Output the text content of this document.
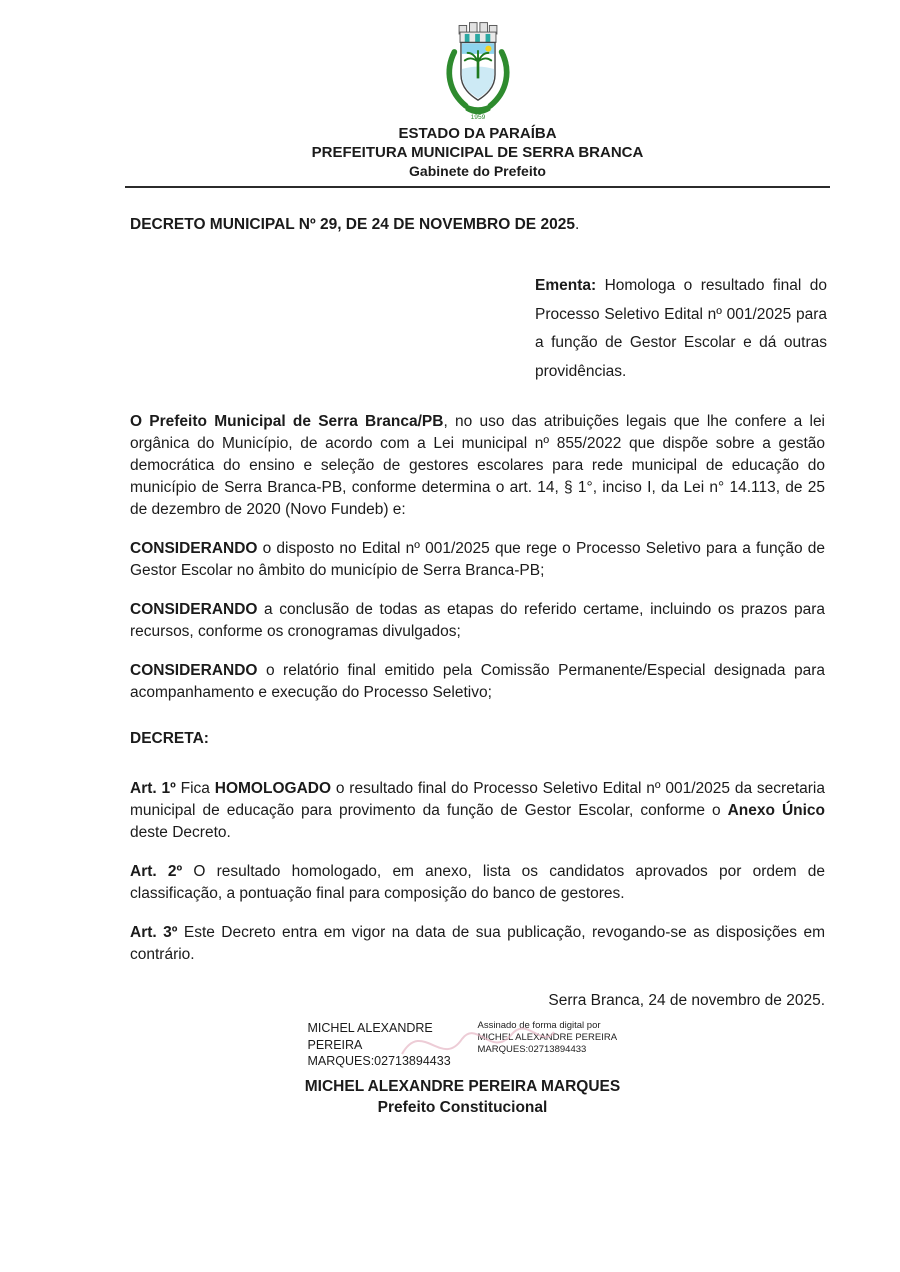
1959
ESTADO DA PARAÍBA
PREFEITURA MUNICIPAL DE SERRA BRANCA
Gabinete do Prefeito
DECRETO MUNICIPAL Nº 29, DE 24 DE NOVEMBRO DE 2025.
Ementa: Homologa o resultado final do Processo Seletivo Edital nº 001/2025 para a função de Gestor Escolar e dá outras providências.

O Prefeito Municipal de Serra Branca/PB, no uso das atribuições legais que lhe confere a lei orgânica do Município, de acordo com a Lei municipal nº 855/2022 que dispõe sobre a gestão democrática do ensino e seleção de gestores escolares para rede municipal de educação do município de Serra Branca-PB, conforme determina o art. 14, § 1°, inciso I, da Lei n° 14.113, de 25 de dezembro de 2020 (Novo Fundeb) e:

CONSIDERANDO o disposto no Edital nº 001/2025 que rege o Processo Seletivo para a função de Gestor Escolar no âmbito do município de Serra Branca-PB;

CONSIDERANDO a conclusão de todas as etapas do referido certame, incluindo os prazos para recursos, conforme os cronogramas divulgados;

CONSIDERANDO o relatório final emitido pela Comissão Permanente/Especial designada para acompanhamento e execução do Processo Seletivo;

DECRETA:

Art. 1º Fica HOMOLOGADO o resultado final do Processo Seletivo Edital nº 001/2025 da secretaria municipal de educação para provimento da função de Gestor Escolar, conforme o Anexo Único deste Decreto.

Art. 2º O resultado homologado, em anexo, lista os candidatos aprovados por ordem de classificação, a pontuação final para composição do banco de gestores.

Art. 3º Este Decreto entra em vigor na data de sua publicação, revogando-se as disposições em contrário.

Serra Branca, 24 de novembro de 2025.
MICHEL ALEXANDRE PEREIRA MARQUES:02713894433
Assinado de forma digital por MICHEL ALEXANDRE PEREIRA MARQUES:02713894433
MICHEL ALEXANDRE PEREIRA MARQUES
Prefeito Constitucional
